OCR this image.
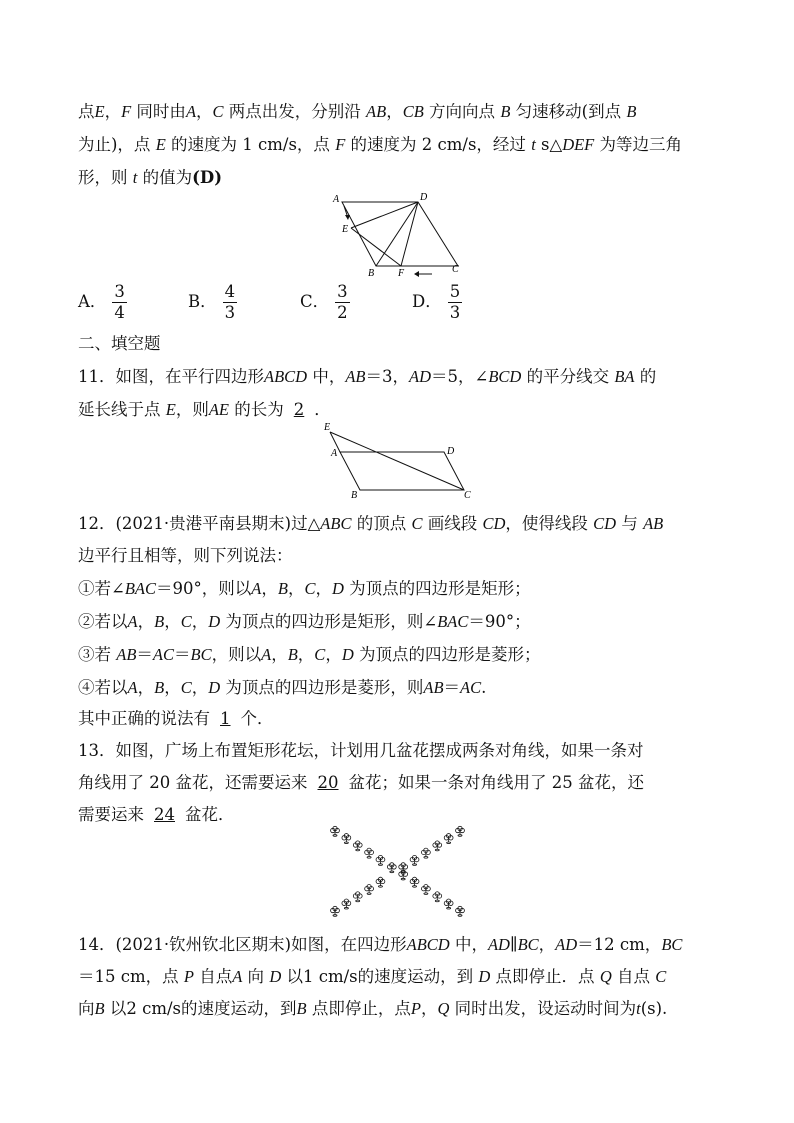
点E，F 同时由A，C 两点出发，分别沿 AB，CB 方向向点 B 匀速移动(到点 B
为止)，点 E 的速度为 1 cm/s，点 F 的速度为 2 cm/s，经过 t s△DEF 为等边三角
形，则 t 的值为(D)
A	D
E
B F	C
A． $\frac{3}{4}$	B． $\frac{4}{3}$	C． $\frac{3}{2}$	D． $\frac{5}{3}$
二、填空题
11．如图，在平行四边形ABCD 中，AB＝3，AD＝5，∠BCD 的平分线交 BA 的
延长线于点 E，则AE 的长为 2 ．
E
A	D
B	C
12．(2021·贵港平南县期末)过△ABC 的顶点 C 画线段 CD，使得线段 CD 与 AB
边平行且相等，则下列说法：
①若∠BAC＝90°，则以A，B，C，D 为顶点的四边形是矩形；
②若以A，B，C，D 为顶点的四边形是矩形，则∠BAC＝90°；
③若 AB＝AC＝BC，则以A，B，C，D 为顶点的四边形是菱形；
④若以A，B，C，D 为顶点的四边形是菱形，则AB＝AC.
其中正确的说法有 1 个．
13．如图，广场上布置矩形花坛，计划用几盆花摆成两条对角线，如果一条对
角线用了 20 盆花，还需要运来 20 盆花；如果一条对角线用了 25 盆花，还
需要运来 24 盆花．
14．(2021·钦州钦北区期末)如图，在四边形ABCD 中，AD∥BC，AD＝12 cm，BC
＝15 cm，点 P 自点A 向 D 以1 cm/s的速度运动，到 D 点即停止．点 Q 自点 C
向B 以2 cm/s的速度运动，到B 点即停止，点P，Q 同时出发，设运动时间为t(s).
